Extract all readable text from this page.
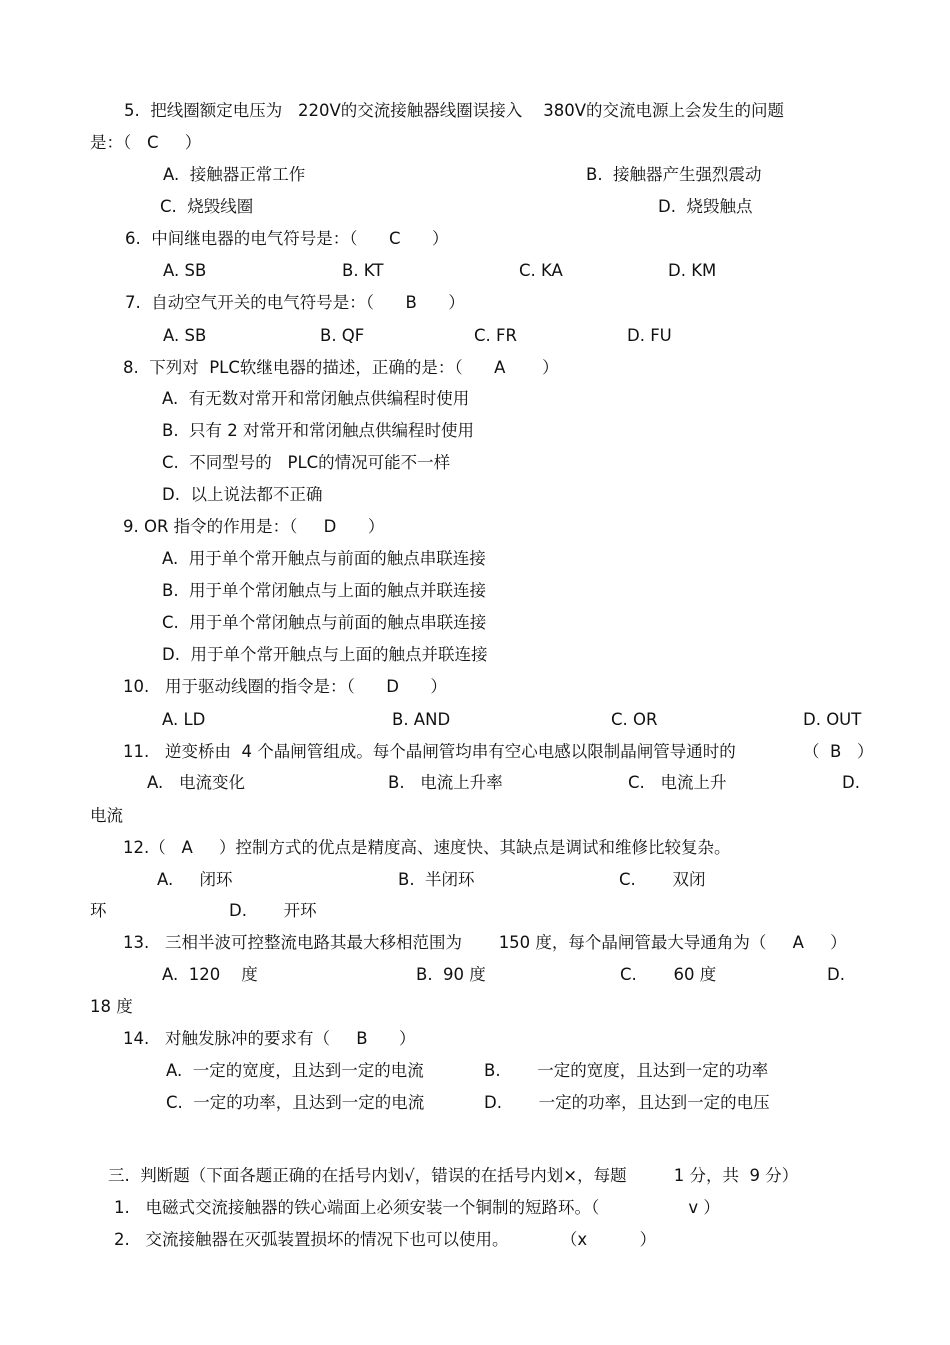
5.  把线圈额定电压为   220V的交流接触器线圈误接入    380V的交流电源上会发生的问题
是：（   C     ）
A.  接触器正常工作	B.  接触器产生强烈震动
C.  烧毁线圈	D.  烧毁触点
6.  中间继电器的电气符号是：（      C      ）
A. SB	B. KT	C. KA	D. KM
7.  自动空气开关的电气符号是：（      B      ）
A. SB	B. QF	C. FR	D. FU
8.  下列对  PLC软继电器的描述，正确的是：（      A       ）
A.  有无数对常开和常闭触点供编程时使用
B.  只有 2 对常开和常闭触点供编程时使用
C.  不同型号的   PLC的情况可能不一样
D.  以上说法都不正确
9. OR 指令的作用是：（     D      ）
A.  用于单个常开触点与前面的触点串联连接
B.  用于单个常闭触点与上面的触点并联连接
C.  用于单个常闭触点与前面的触点串联连接
D.  用于单个常开触点与上面的触点并联连接
10.   用于驱动线圈的指令是：（      D      ）
A. LD	B. AND	C. OR	D. OUT
11.   逆变桥由  4 个晶闸管组成。每个晶闸管均串有空心电感以限制晶闸管导通时的	（  B   ）
A.   电流变化	B.   电流上升率	C.   电流上升	D.
电流
12.（   A     ）控制方式的优点是精度高、速度快、其缺点是调试和维修比较复杂。
A.     闭环	B.  半闭环	C.       双闭
环	D.       开环
13.   三相半波可控整流电路其最大移相范围为       150 度，每个晶闸管最大导通角为（     A     ）
A.  120    度	B.  90 度	C.       60 度	D.
18 度
14.   对触发脉冲的要求有（     B      ）
A.  一定的宽度，且达到一定的电流	B.       一定的宽度，且达到一定的功率
C.  一定的功率，且达到一定的电流	D.       一定的功率，且达到一定的电压
三.  判断题（下面各题正确的在括号内划√，错误的在括号内划×，每题         1 分，共  9 分）
1.   电磁式交流接触器的铁心端面上必须安装一个铜制的短路环。（                 v ）
2.   交流接触器在灭弧装置损坏的情况下也可以使用。          （x          ）
